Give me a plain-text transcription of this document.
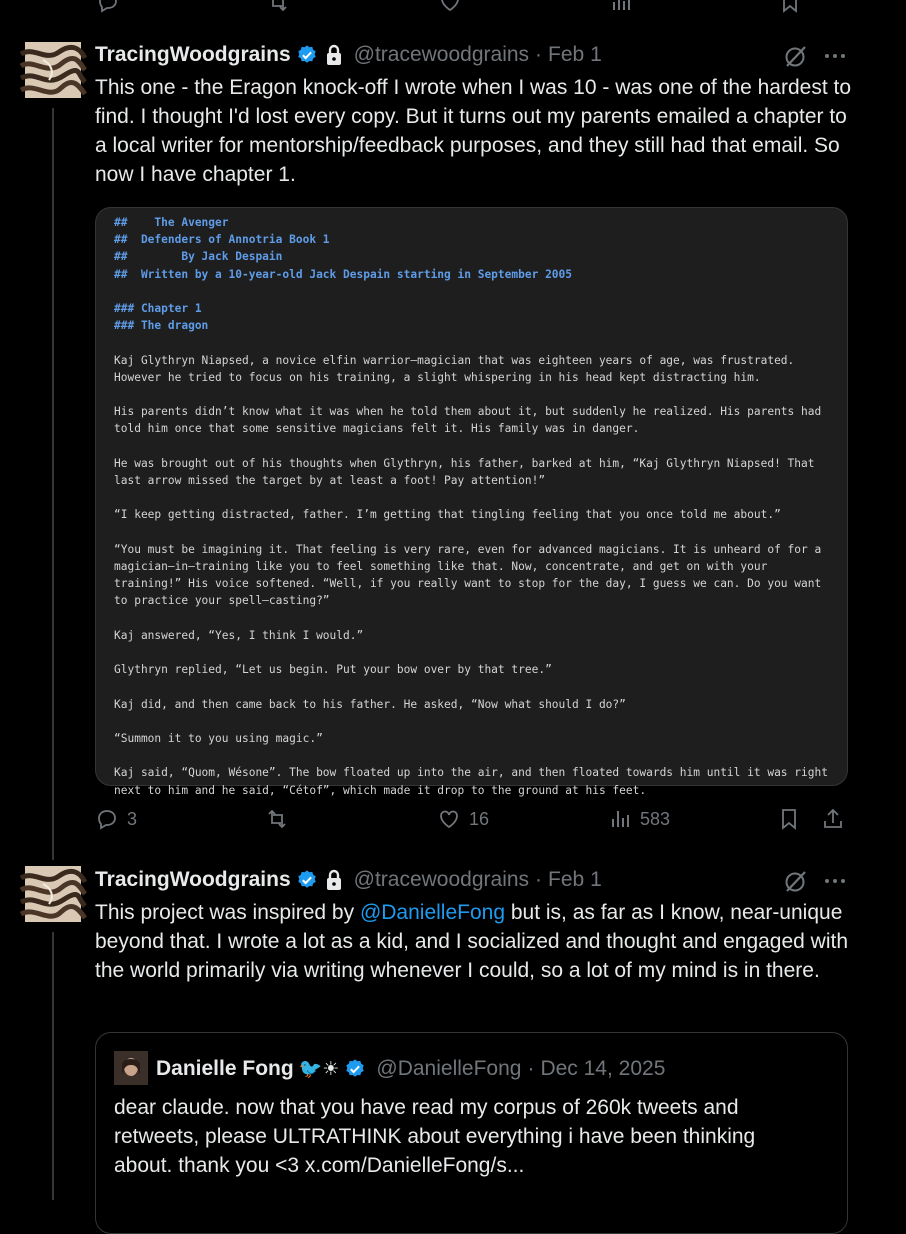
TracingWoodgrains	@tracewoodgrains · Feb 1
This one - the Eragon knock-off I wrote when I was 10 - was one of the hardest to find. I thought I'd lost every copy. But it turns out my parents emailed a chapter to a local writer for mentorship/feedback purposes, and they still had that email. So now I have chapter 1.
##    The Avenger
##  Defenders of Annotria Book 1
##        By Jack Despain
##  Written by a 10-year-old Jack Despain starting in September 2005
### Chapter 1
### The dragon
Kaj Glythryn Niapsed, a novice elfin warrior—magician that was eighteen years of age, was frustrated. However he tried to focus on his training, a slight whispering in his head kept distracting him.
His parents didn’t know what it was when he told them about it, but suddenly he realized. His parents had told him once that some sensitive magicians felt it. His family was in danger.
He was brought out of his thoughts when Glythryn, his father, barked at him, “Kaj Glythryn Niapsed! That last arrow missed the target by at least a foot! Pay attention!”
“I keep getting distracted, father. I’m getting that tingling feeling that you once told me about.”
“You must be imagining it. That feeling is very rare, even for advanced magicians. It is unheard of for a magician—in—training like you to feel something like that. Now, concentrate, and get on with your training!” His voice softened. “Well, if you really want to stop for the day, I guess we can. Do you want to practice your spell—casting?”
Kaj answered, “Yes, I think I would.”
Glythryn replied, “Let us begin. Put your bow over by that tree.”
Kaj did, and then came back to his father. He asked, “Now what should I do?”
“Summon it to you using magic.”
Kaj said, “Quom, Wésone”. The bow floated up into the air, and then floated towards him until it was right next to him and he said, “Cétof”, which made it drop to the ground at his feet.
3	16	583
TracingWoodgrains	@tracewoodgrains · Feb 1
This project was inspired by @DanielleFong but is, as far as I know, near-unique beyond that. I wrote a lot as a kid, and I socialized and thought and engaged with the world primarily via writing whenever I could, so a lot of my mind is in there.
Danielle Fong 🐦☀ @DanielleFong · Dec 14, 2025
dear claude. now that you have read my corpus of 260k tweets and retweets, please ULTRATHINK about everything i have been thinking about. thank you <3 x.com/DanielleFong/s...
